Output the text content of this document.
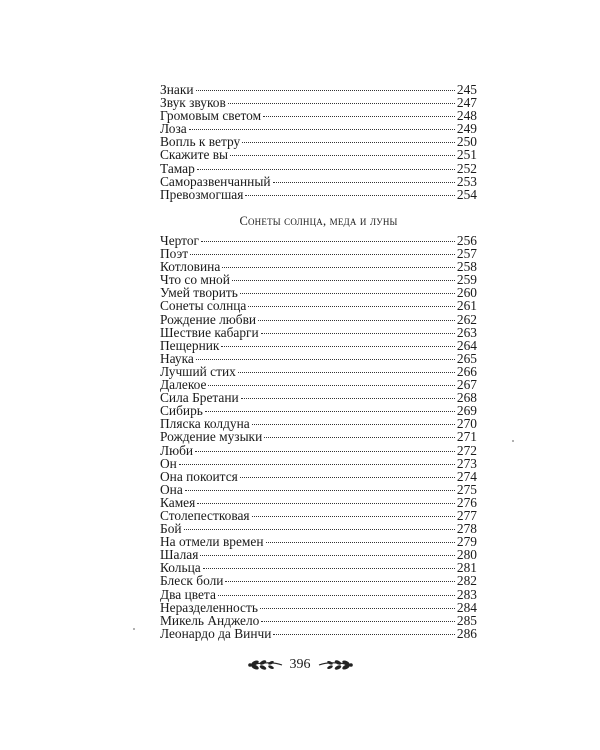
Знаки	245
Звук звуков	247
Громовым светом	248
Лоза	249
Вопль к ветру	250
Скажите вы	251
Тамар	252
Саморазвенчанный	253
Превозмогшая	254
Сонеты солнца, меда и луны
Чертог	256
Поэт	257
Котловина	258
Что со мной	259
Умей творить	260
Сонеты солнца	261
Рождение любви	262
Шествие кабарги	263
Пещерник	264
Наука	265
Лучший стих	266
Далекое	267
Сила Бретани	268
Сибирь	269
Пляска колдуна	270
Рождение музыки	271
Люби	272
Он	273
Она покоится	274
Она	275
Камея	276
Столепестковая	277
Бой	278
На отмели времен	279
Шалая	280
Кольца	281
Блеск боли	282
Два цвета	283
Неразделенность	284
Микель Анджело	285
Леонардо да Винчи	286
396
